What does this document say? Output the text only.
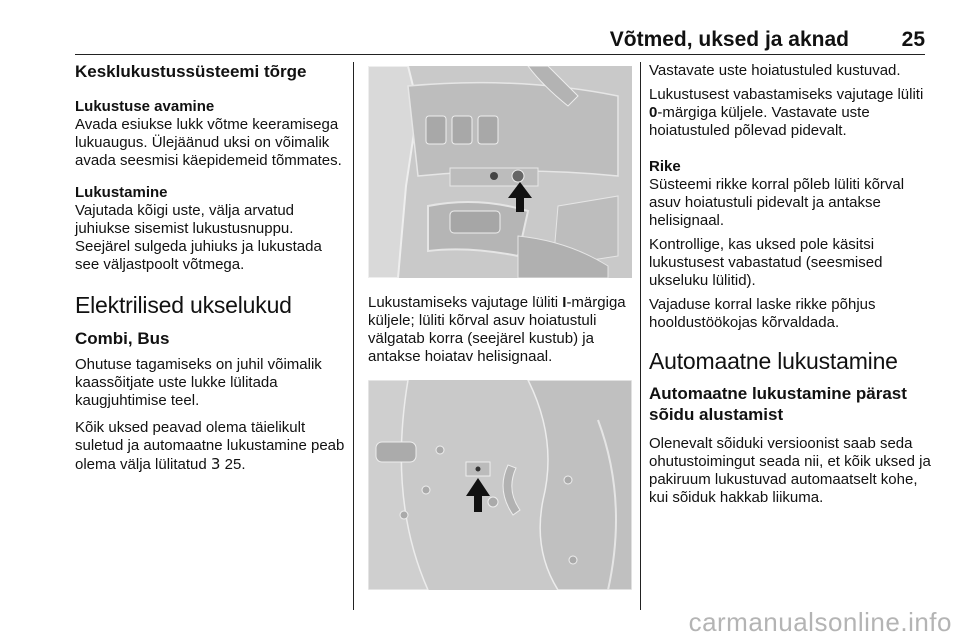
Võtmed, uksed ja aknad	25
Kesklukustussüsteemi tõrge
Lukustuse avamine

Avada esiukse lukk võtme keeramisega lukuaugus. Ülejäänud uksi on võimalik avada seesmisi käepidemeid tõmmates.

Lukustamine

Vajutada kõigi uste, välja arvatud juhiukse sisemist lukustusnuppu. Seejärel sulgeda juhiuks ja lukustada see väljastpoolt võtmega.

Elektrilised ukselukud
Combi, Bus

Ohutuse tagamiseks on juhil võimalik kaassõitjate uste lukke lülitada kaugjuhtimise teel.

Kõik uksed peavad olema täielikult suletud ja automaatne lukustamine peab olema välja lülitatud 3 25.

Lukustamiseks vajutage lüliti I-märgiga küljele; lüliti kõrval asuv hoiatustuli välgatab korra (seejärel kustub) ja antakse hoiatav helisignaal.

Vastavate uste hoiatustuled kustuvad.

Lukustusest vabastamiseks vajutage lüliti 0-märgiga küljele. Vastavate uste hoiatustuled põlevad pidevalt.

Rike

Süsteemi rikke korral põleb lüliti kõrval asuv hoiatustuli pidevalt ja antakse helisignaal.

Kontrollige, kas uksed pole käsitsi lukustusest vabastatud (seesmised ukseluku lülitid).

Vajaduse korral laske rikke põhjus hooldustöökojas kõrvaldada.

Automaatne lukustamine
Automaatne lukustamine pärast sõidu alustamist

Olenevalt sõiduki versioonist saab seda ohutustoimingut seada nii, et kõik uksed ja pakiruum lukustuvad automaatselt kohe, kui sõiduk hakkab liikuma.

carmanualsonline.info
